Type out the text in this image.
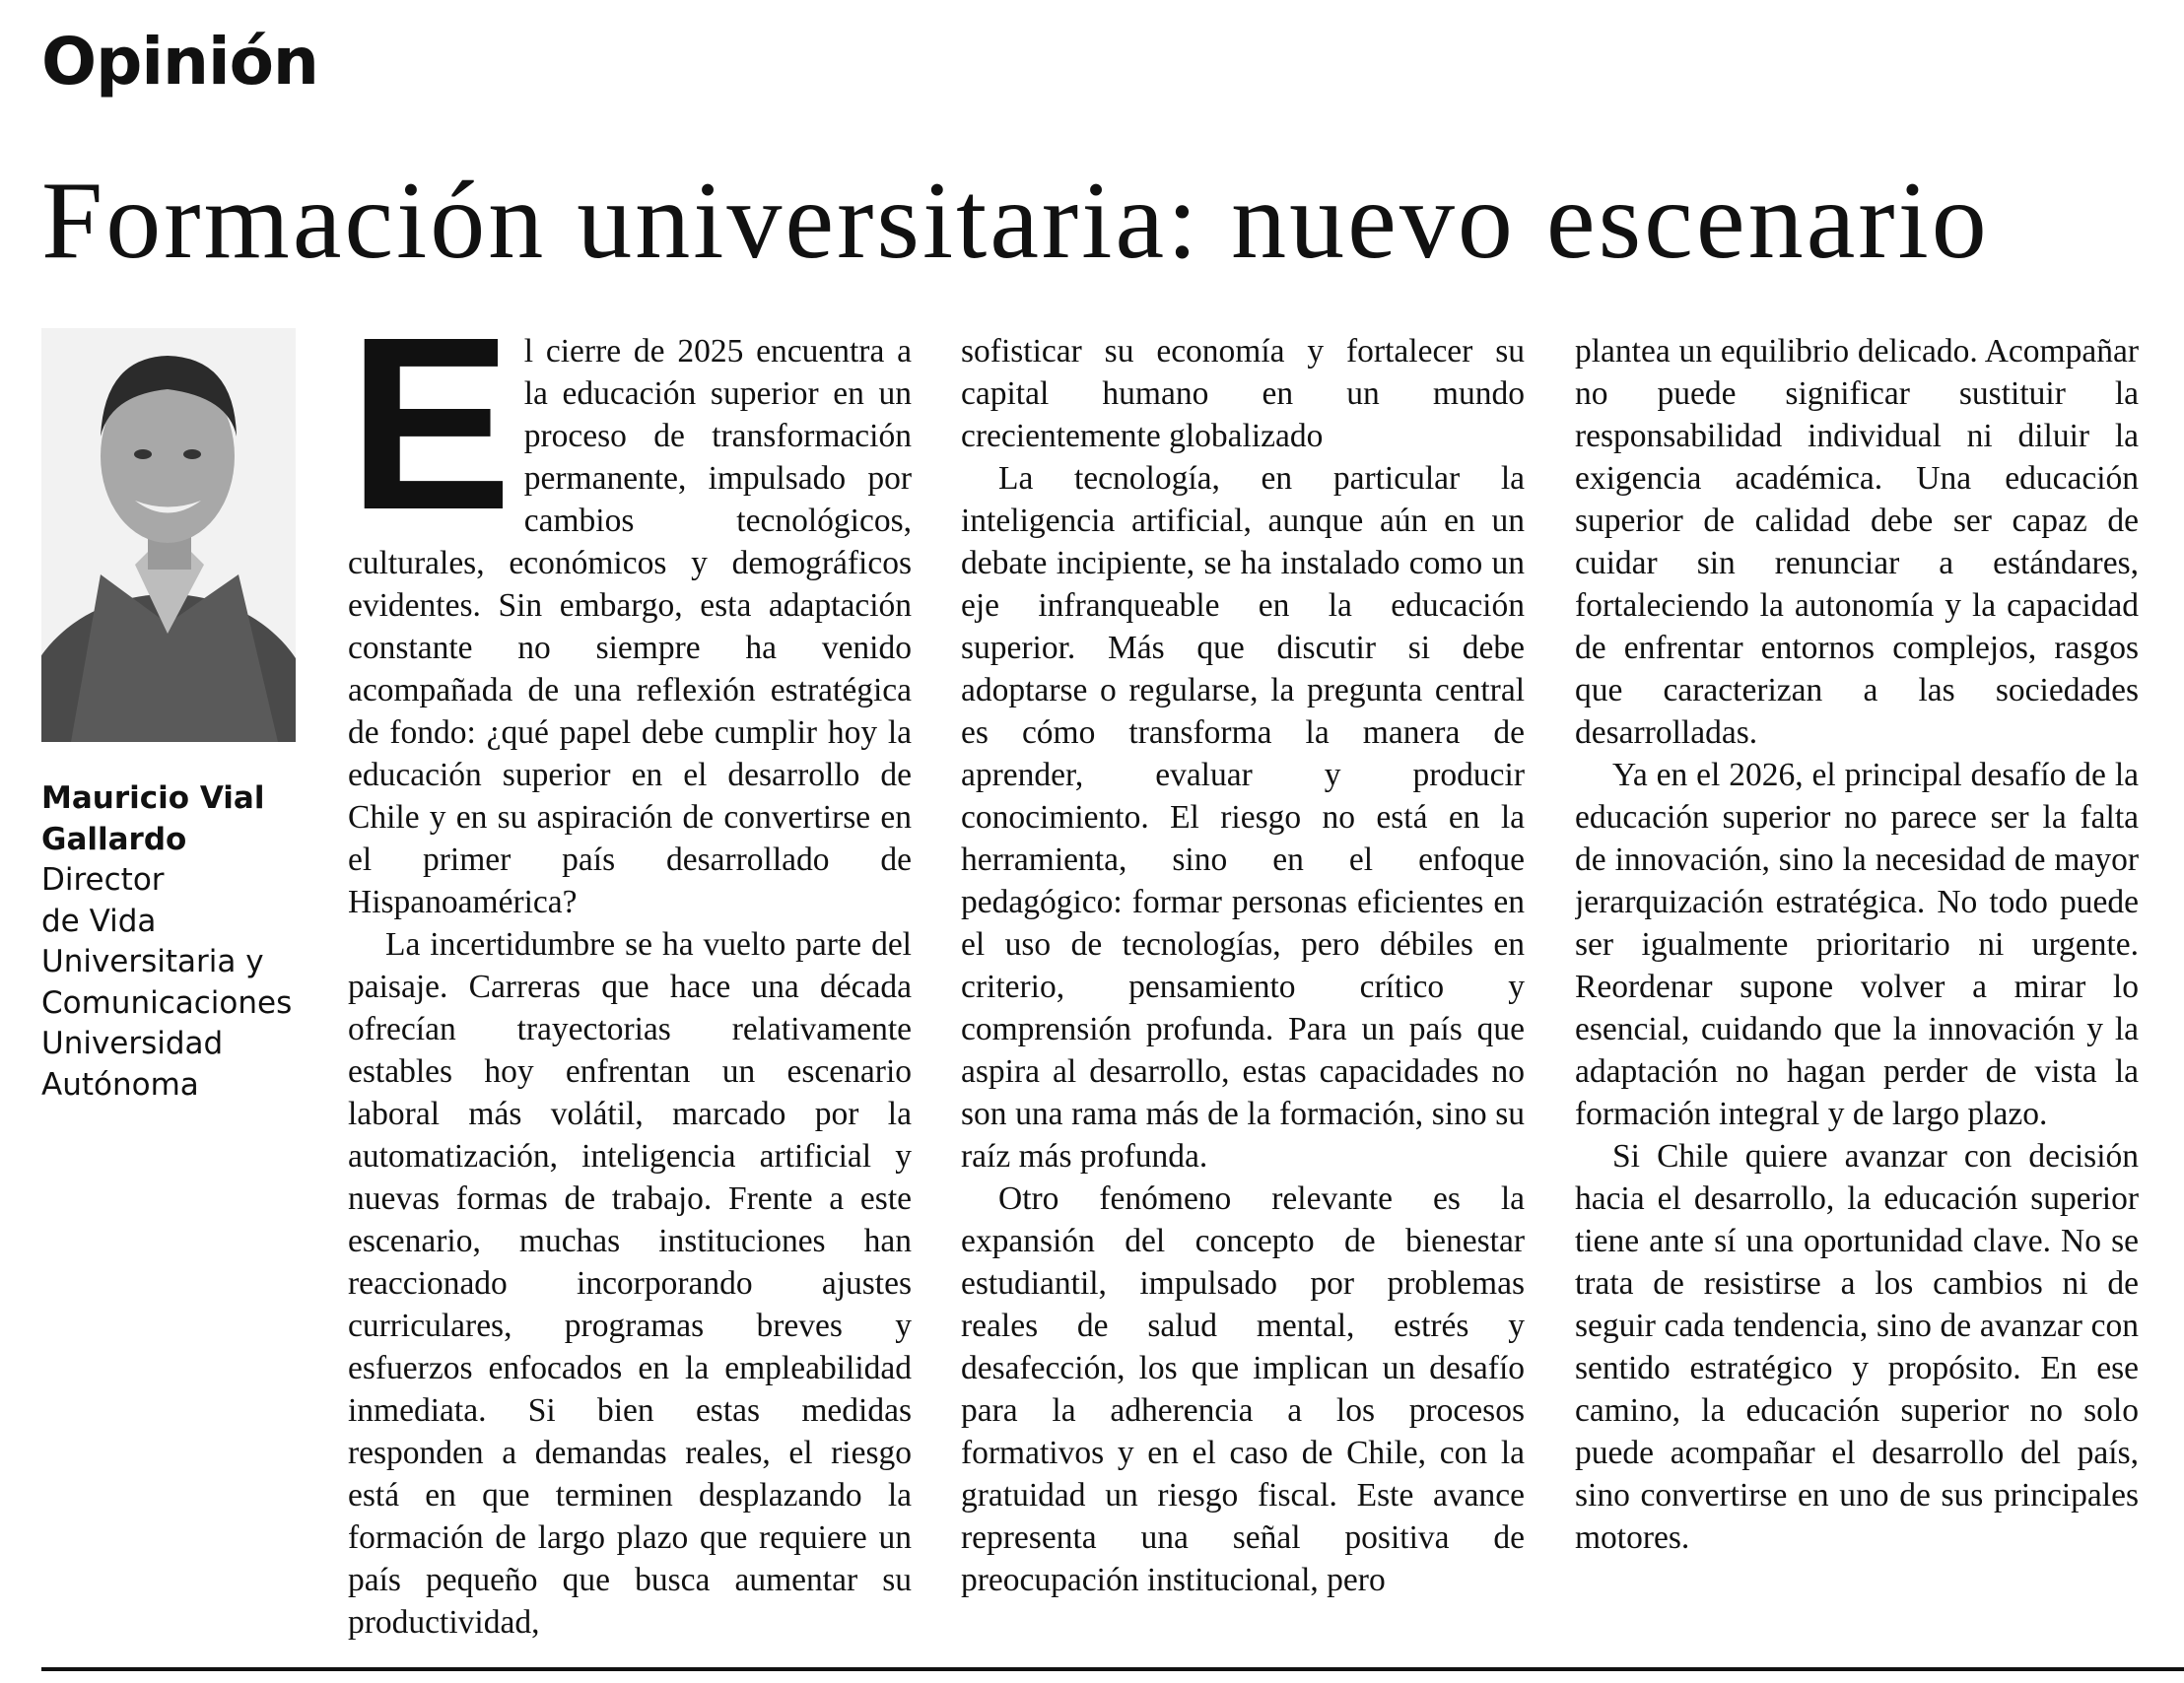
Opinión
Formación universitaria: nuevo escenario

Mauricio Vial Gallardo

Director

de Vida

Universitaria y

Comunicaciones

Universidad

Autónoma

El cierre de 2025 encuentra a la educación superior en un proceso de transformación permanente, impulsado por cambios tecnológicos, culturales, económicos y demográficos evidentes. Sin embargo, esta adaptación constante no siempre ha venido acompañada de una reflexión estratégica de fondo: ¿qué papel debe cumplir hoy la educación superior en el desarrollo de Chile y en su aspiración de convertirse en el primer país desarrollado de Hispanoamérica?

La incertidumbre se ha vuelto parte del paisaje. Carreras que hace una década ofrecían trayectorias relativamente estables hoy enfrentan un escenario laboral más volátil, marcado por la automatización, inteligencia artificial y nuevas formas de trabajo. Frente a este escenario, muchas instituciones han reaccionado incorporando ajustes curriculares, programas breves y esfuerzos enfocados en la empleabilidad inmediata. Si bien estas medidas responden a demandas reales, el riesgo está en que terminen desplazando la formación de largo plazo que requiere un país pequeño que busca aumentar su productividad,

sofisticar su economía y fortalecer su capital humano en un mundo crecientemente globalizado

La tecnología, en particular la inteligencia artificial, aunque aún en un debate incipiente, se ha instalado como un eje infranqueable en la educación superior. Más que discutir si debe adoptarse o regularse, la pregunta central es cómo transforma la manera de aprender, evaluar y producir conocimiento. El riesgo no está en la herramienta, sino en el enfoque pedagógico: formar personas eficientes en el uso de tecnologías, pero débiles en criterio, pensamiento crítico y comprensión profunda. Para un país que aspira al desarrollo, estas capacidades no son una rama más de la formación, sino su raíz más profunda.

Otro fenómeno relevante es la expansión del concepto de bienestar estudiantil, impulsado por problemas reales de salud mental, estrés y desafección, los que implican un desafío para la adherencia a los procesos formativos y en el caso de Chile, con la gratuidad un riesgo fiscal. Este avance representa una señal positiva de preocupación institucional, pero

plantea un equilibrio delicado. Acompañar no puede significar sustituir la responsabilidad individual ni diluir la exigencia académica. Una educación superior de calidad debe ser capaz de cuidar sin renunciar a estándares, fortaleciendo la autonomía y la capacidad de enfrentar entornos complejos, rasgos que caracterizan a las sociedades desarrolladas.

Ya en el 2026, el principal desafío de la educación superior no parece ser la falta de innovación, sino la necesidad de mayor jerarquización estratégica. No todo puede ser igualmente prioritario ni urgente. Reordenar supone volver a mirar lo esencial, cuidando que la innovación y la adaptación no hagan perder de vista la formación integral y de largo plazo.

Si Chile quiere avanzar con decisión hacia el desarrollo, la educación superior tiene ante sí una oportunidad clave. No se trata de resistirse a los cambios ni de seguir cada tendencia, sino de avanzar con sentido estratégico y propósito. En ese camino, la educación superior no solo puede acompañar el desarrollo del país, sino convertirse en uno de sus principales motores.
